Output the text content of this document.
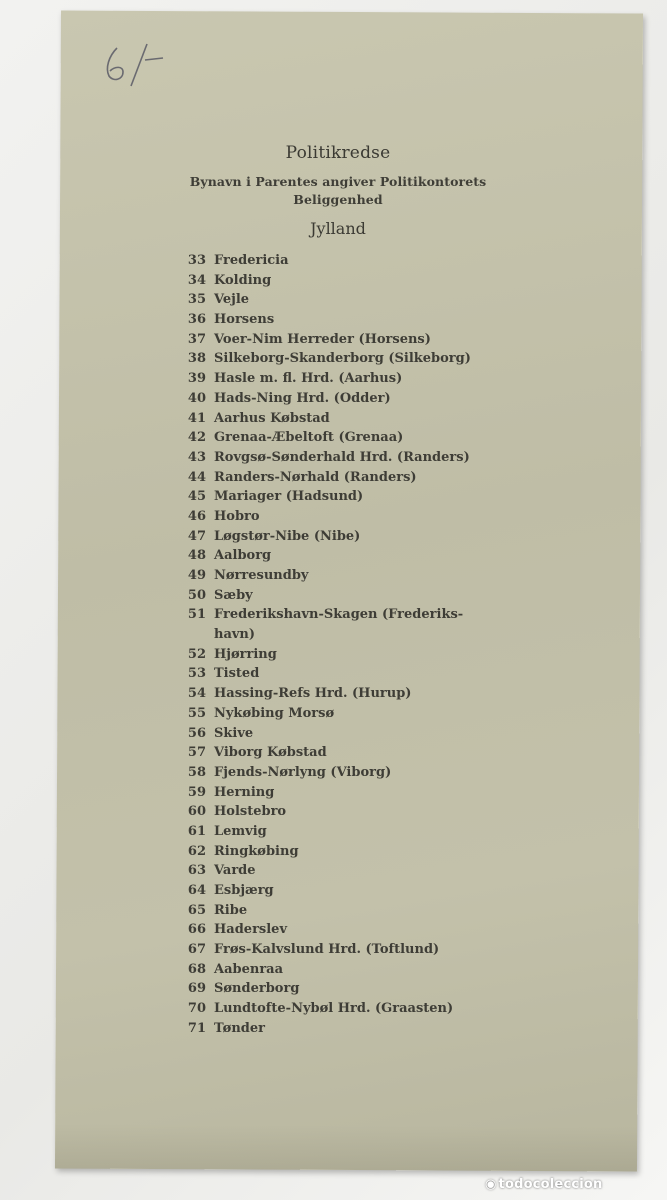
Politikredse
Bynavn i Parentes angiver Politikontorets
Beliggenhed
Jylland
33 Fredericia
34 Kolding
35 Vejle
36 Horsens
37 Voer-Nim Herreder (Horsens)
38 Silkeborg-Skanderborg (Silkeborg)
39 Hasle m. fl. Hrd. (Aarhus)
40 Hads-Ning Hrd. (Odder)
41 Aarhus Købstad
42 Grenaa-Æbeltoft (Grenaa)
43 Rovgsø-Sønderhald Hrd. (Randers)
44 Randers-Nørhald (Randers)
45 Mariager (Hadsund)
46 Hobro
47 Løgstør-Nibe (Nibe)
48 Aalborg
49 Nørresundby
50 Sæby
51 Frederikshavn-Skagen (Frederiks-
havn)
52 Hjørring
53 Tisted
54 Hassing-Refs Hrd. (Hurup)
55 Nykøbing Morsø
56 Skive
57 Viborg Købstad
58 Fjends-Nørlyng (Viborg)
59 Herning
60 Holstebro
61 Lemvig
62 Ringkøbing
63 Varde
64 Esbjærg
65 Ribe
66 Haderslev
67 Frøs-Kalvslund Hrd. (Toftlund)
68 Aabenraa
69 Sønderborg
70 Lundtofte-Nybøl Hrd. (Graasten)
71 Tønder
◉ todocoleccion
